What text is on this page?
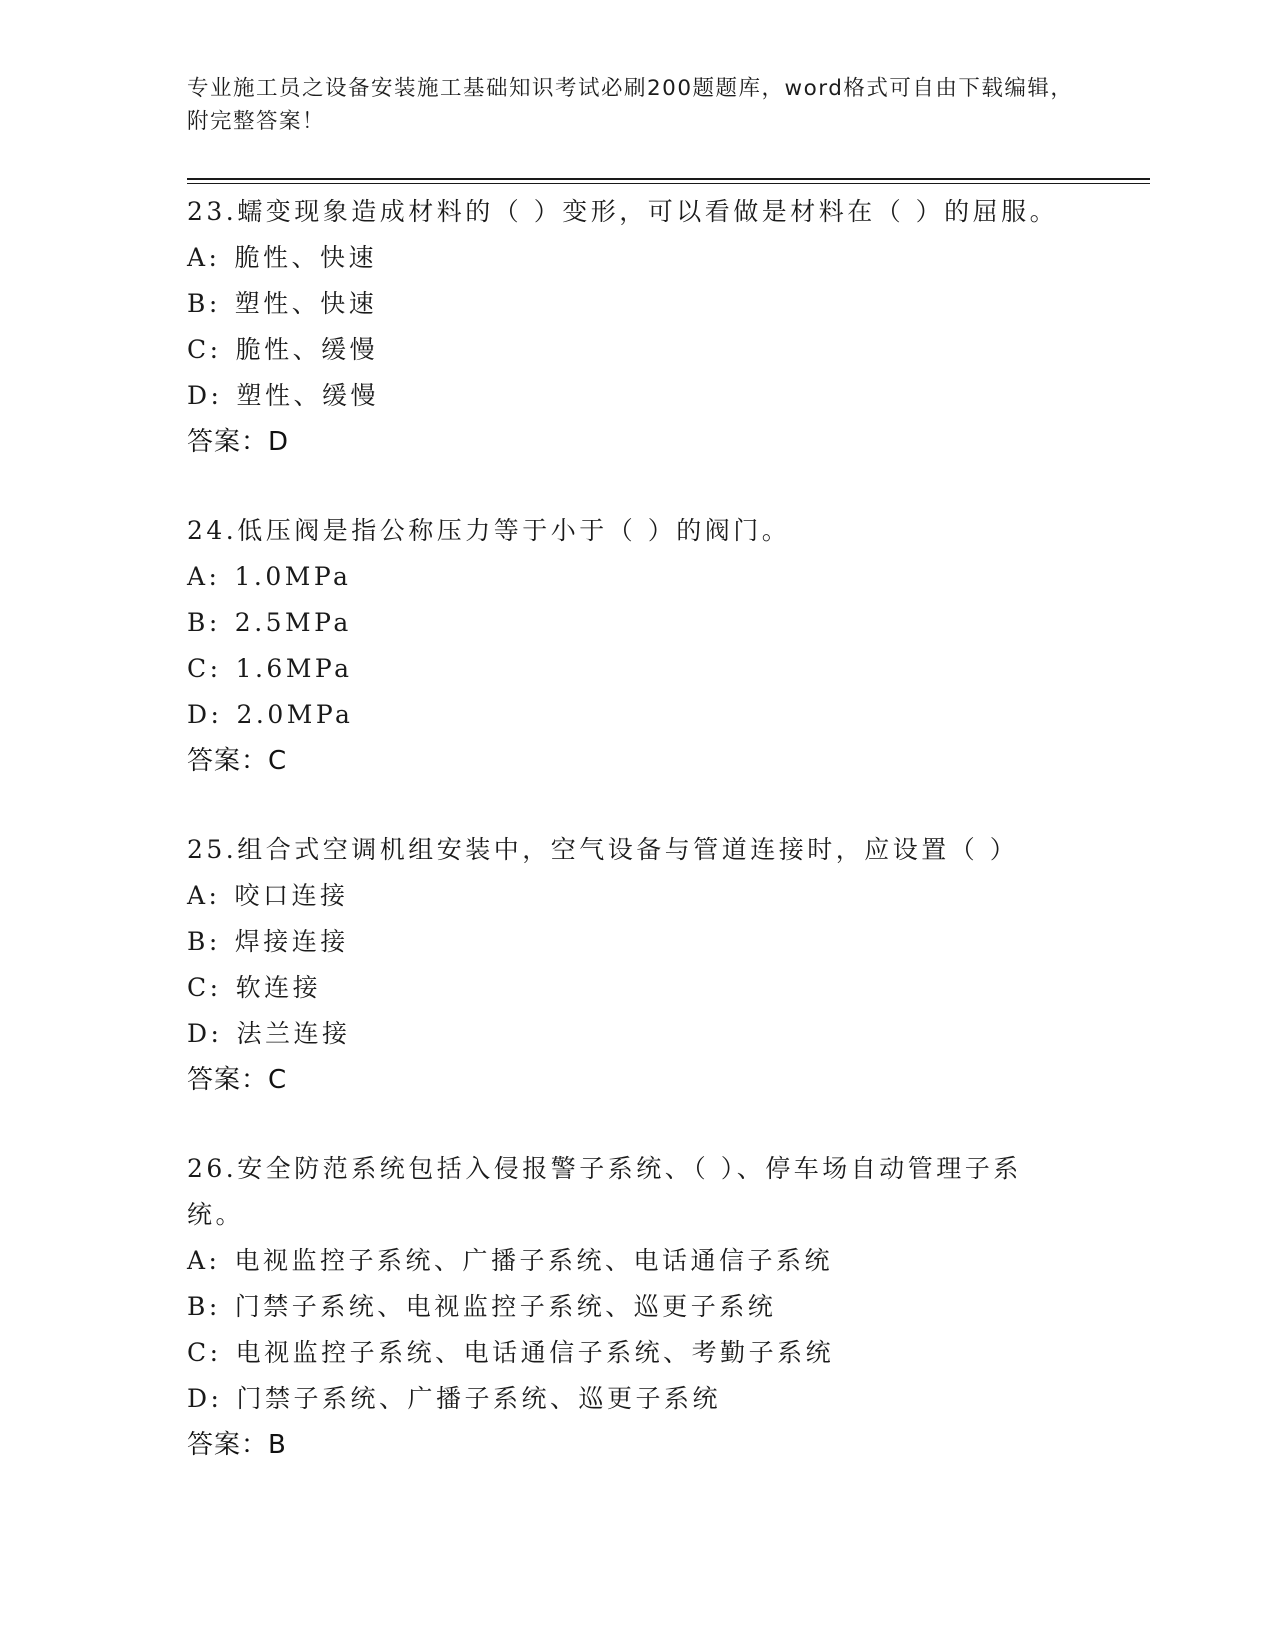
专业施工员之设备安装施工基础知识考试必刷200题题库，word格式可自由下载编辑，附完整答案！
23.蠕变现象造成材料的（ ）变形，可以看做是材料在（ ）的屈服。
A: 脆性、快速
B: 塑性、快速
C: 脆性、缓慢
D: 塑性、缓慢
答案：D
24.低压阀是指公称压力等于小于（ ）的阀门。
A: 1.0MPa
B: 2.5MPa
C: 1.6MPa
D: 2.0MPa
答案：C
25.组合式空调机组安装中，空气设备与管道连接时，应设置（ ）
A: 咬口连接
B: 焊接连接
C: 软连接
D: 法兰连接
答案：C
26.安全防范系统包括入侵报警子系统、（ ）、停车场自动管理子系统。
A: 电视监控子系统、广播子系统、电话通信子系统
B: 门禁子系统、电视监控子系统、巡更子系统
C: 电视监控子系统、电话通信子系统、考勤子系统
D: 门禁子系统、广播子系统、巡更子系统
答案：B
